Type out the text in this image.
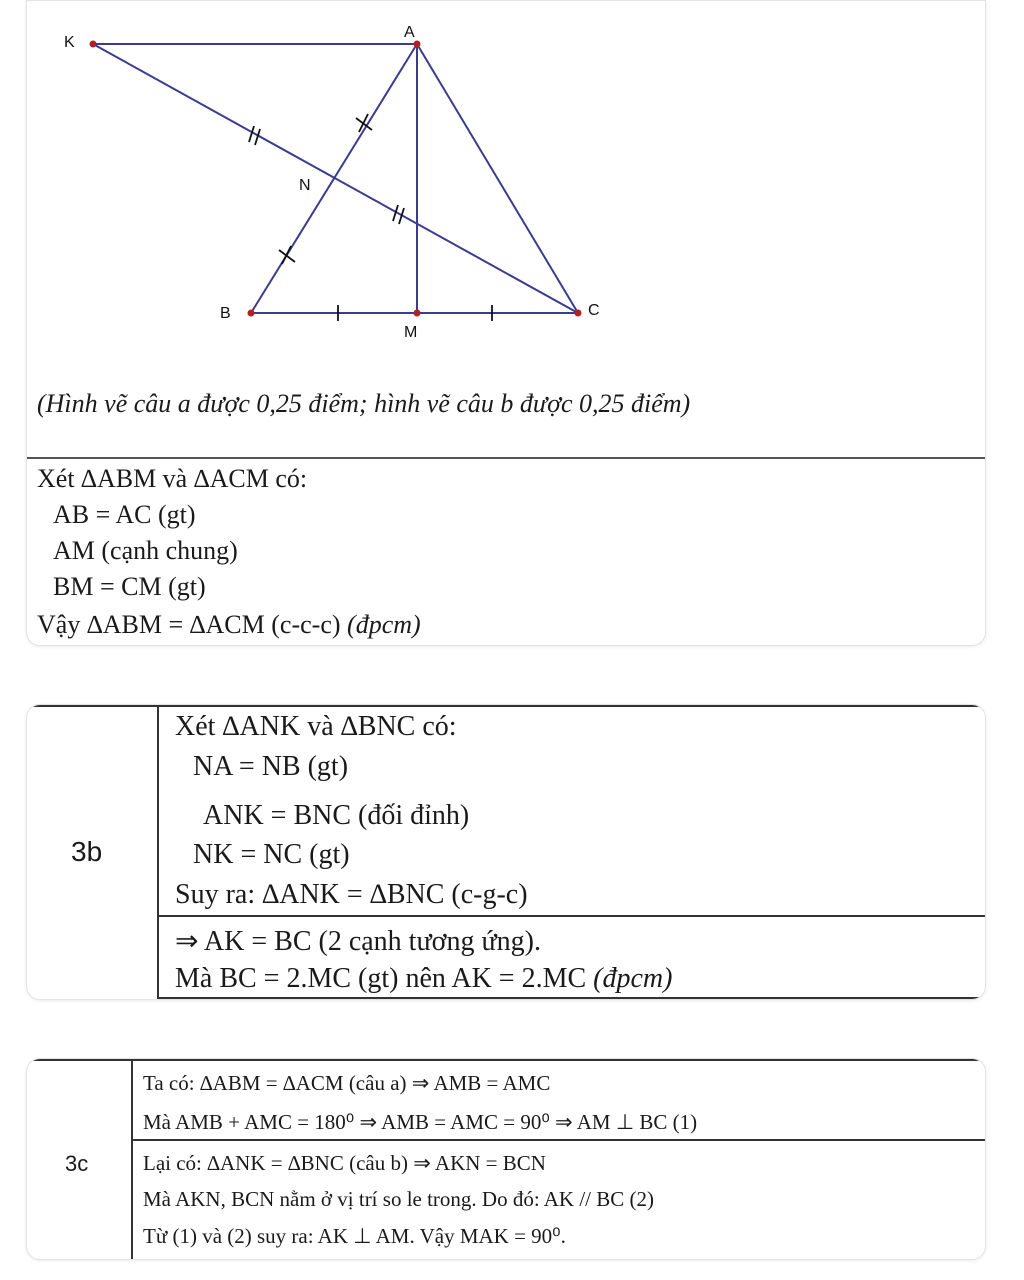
K
A
N
B
M
C
(Hình vẽ câu a được 0,25 điểm; hình vẽ câu b được 0,25 điểm)
Xét ∆ABM và ∆ACM có:
AB = AC (gt)
AM (cạnh chung)
BM = CM (gt)
Vậy ∆ABM = ∆ACM (c-c-c) (đpcm)
3b
Xét ∆ANK và ∆BNC có:
NA = NB (gt)
ANK = BNC (đối đỉnh)
NK = NC (gt)
Suy ra: ∆ANK = ∆BNC (c-g-c)
⇒ AK = BC (2 cạnh tương ứng).
Mà BC = 2.MC (gt) nên AK = 2.MC (đpcm)
3c
Ta có: ∆ABM = ∆ACM (câu a) ⇒ AMB = AMC
Mà AMB + AMC = 180⁰ ⇒ AMB = AMC = 90⁰ ⇒ AM ⊥ BC (1)
Lại có: ∆ANK = ∆BNC (câu b) ⇒ AKN = BCN
Mà AKN, BCN nằm ở vị trí so le trong. Do đó: AK // BC (2)
Từ (1) và (2) suy ra: AK ⊥ AM. Vậy MAK = 90⁰.
